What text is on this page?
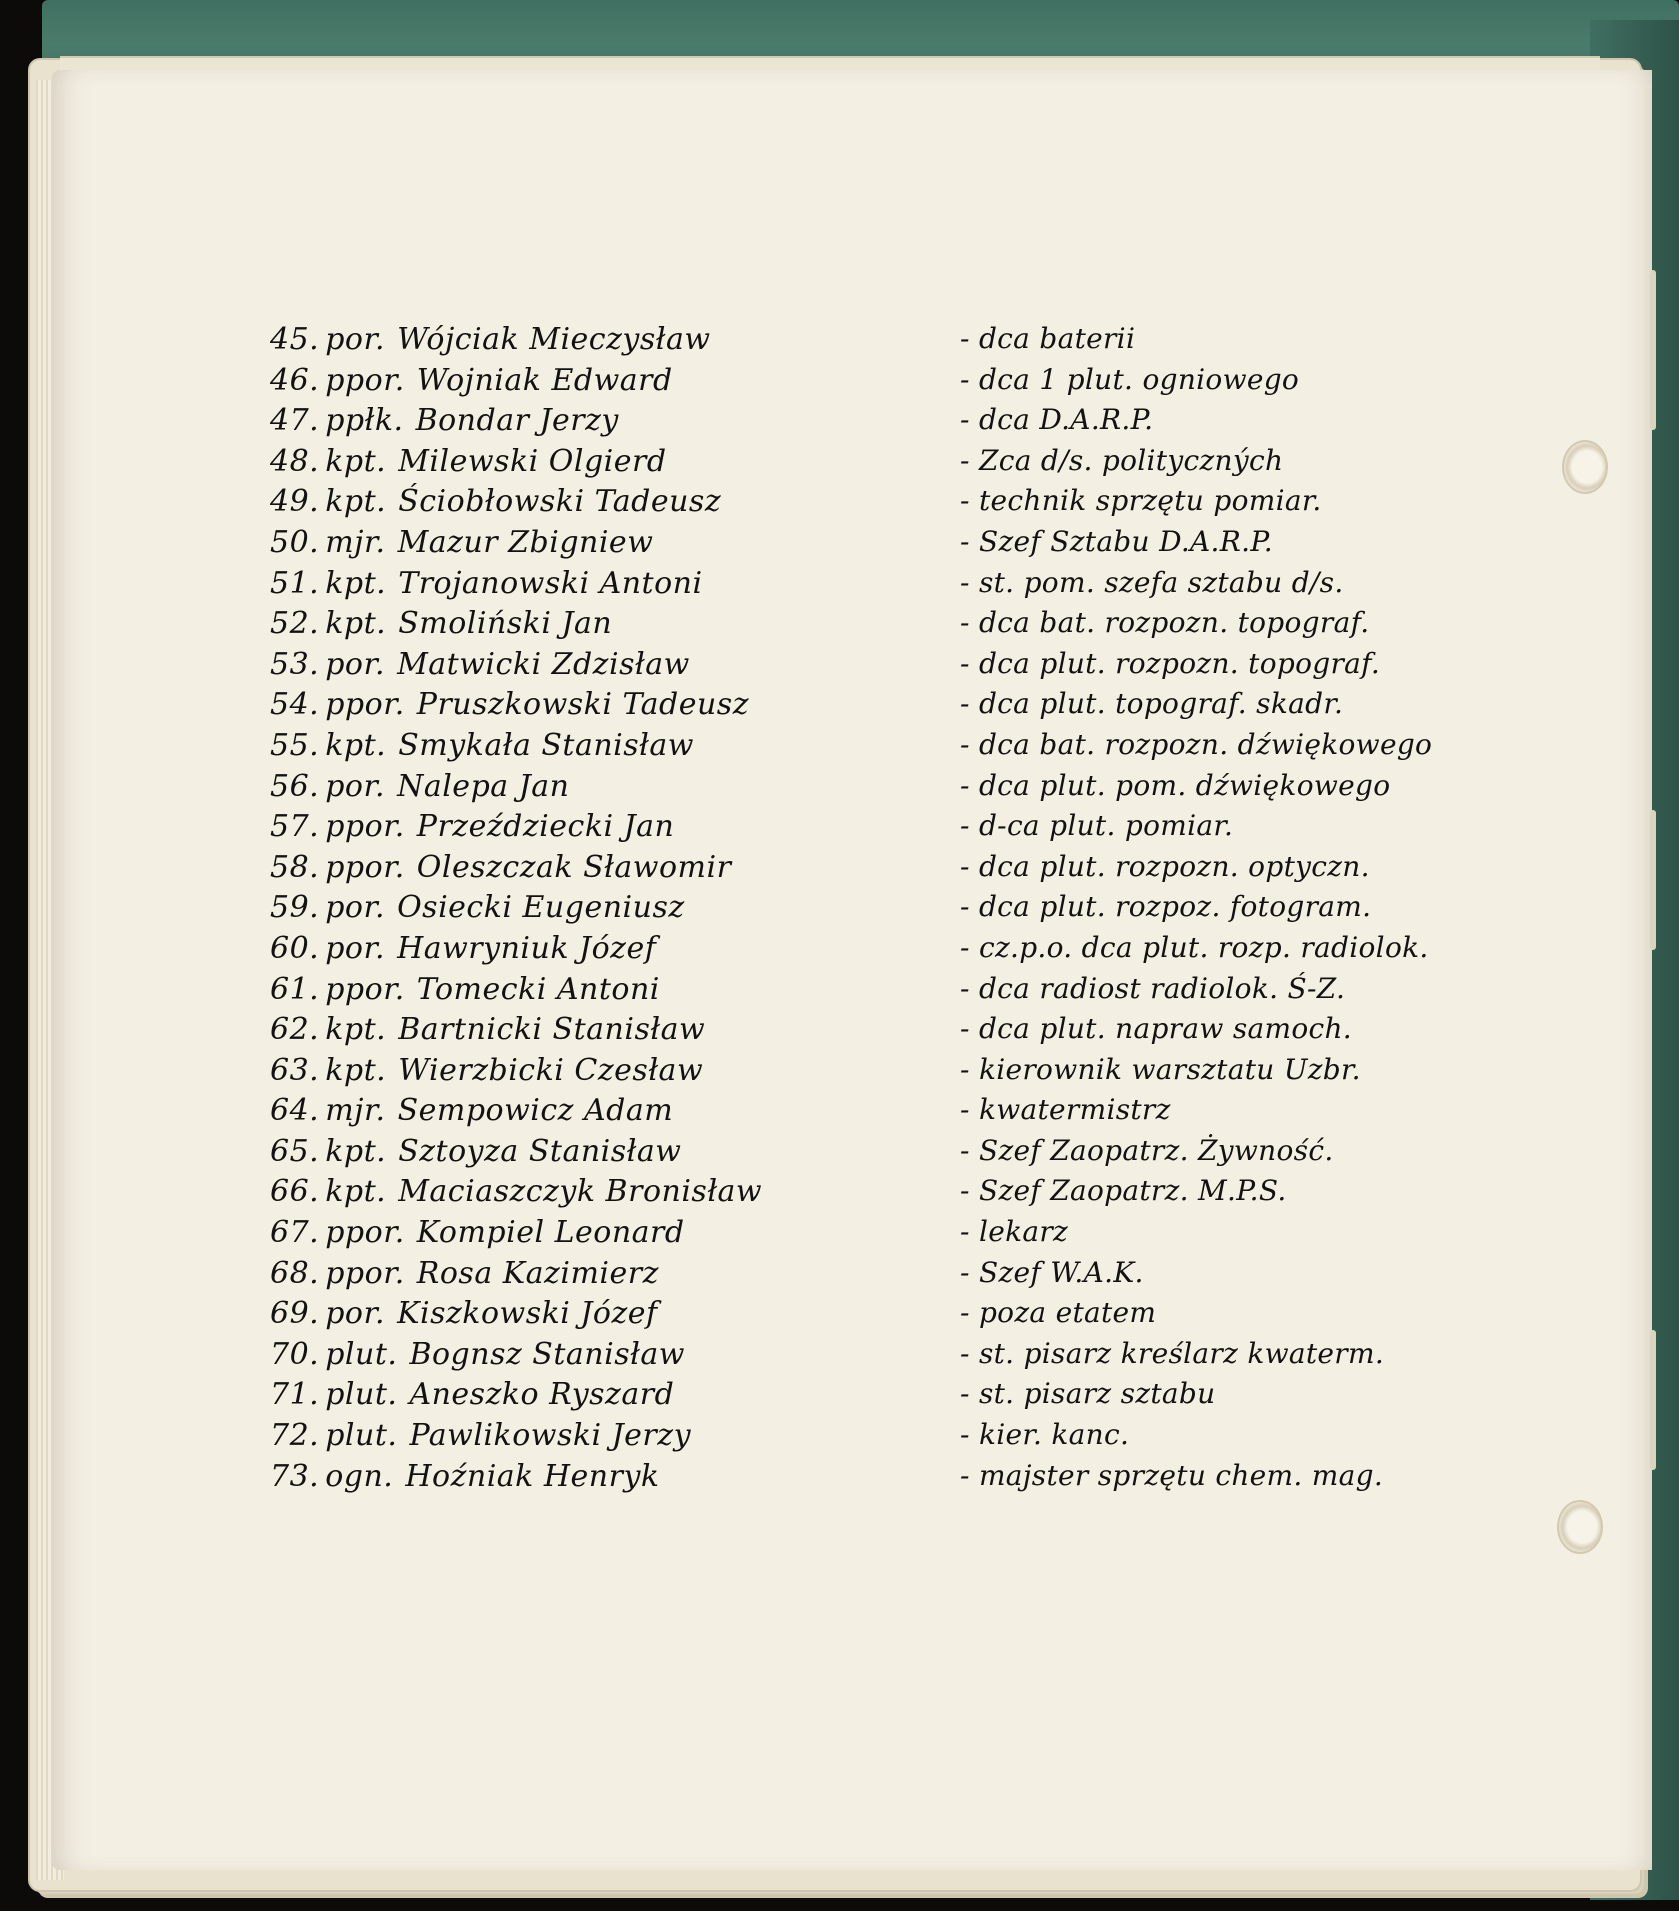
45. por. Wójciak Mieczysław	- dca baterii
46. ppor. Wojniak Edward	- dca 1 plut. ogniowego
47. ppłk. Bondar Jerzy	- dca D.A.R.P.
48. kpt. Milewski Olgierd	- Zca d/s. polityczných
49. kpt. Ściobłowski Tadeusz	- technik sprzętu pomiar.
50. mjr. Mazur Zbigniew	- Szef Sztabu D.A.R.P.
51. kpt. Trojanowski Antoni	- st. pom. szefa sztabu d/s.
52. kpt. Smoliński Jan	- dca bat. rozpozn. topograf.
53. por. Matwicki Zdzisław	- dca plut. rozpozn. topograf.
54. ppor. Pruszkowski Tadeusz	- dca plut. topograf. skadr.
55. kpt. Smykała Stanisław	- dca bat. rozpozn. dźwiękowego
56. por. Nalepa Jan	- dca plut. pom. dźwiękowego
57. ppor. Przeździecki Jan	- d-ca plut. pomiar.
58. ppor. Oleszczak Sławomir	- dca plut. rozpozn. optyczn.
59. por. Osiecki Eugeniusz	- dca plut. rozpoz. fotogram.
60. por. Hawryniuk Józef	- cz.p.o. dca plut. rozp. radiolok.
61. ppor. Tomecki Antoni	- dca radiost radiolok. Ś-Z.
62. kpt. Bartnicki Stanisław	- dca plut. napraw samoch.
63. kpt. Wierzbicki Czesław	- kierownik warsztatu Uzbr.
64. mjr. Sempowicz Adam	- kwatermistrz
65. kpt. Sztoyza Stanisław	- Szef Zaopatrz. Żywność.
66. kpt. Maciaszczyk Bronisław	- Szef Zaopatrz. M.P.S.
67. ppor. Kompiel Leonard	- lekarz
68. ppor. Rosa Kazimierz	- Szef W.A.K.
69. por. Kiszkowski Józef	- poza etatem
70. plut. Bognsz Stanisław	- st. pisarz kreślarz kwaterm.
71. plut. Aneszko Ryszard	- st. pisarz sztabu
72. plut. Pawlikowski Jerzy	- kier. kanc.
73. ogn. Hoźniak Henryk	- majster sprzętu chem. mag.
